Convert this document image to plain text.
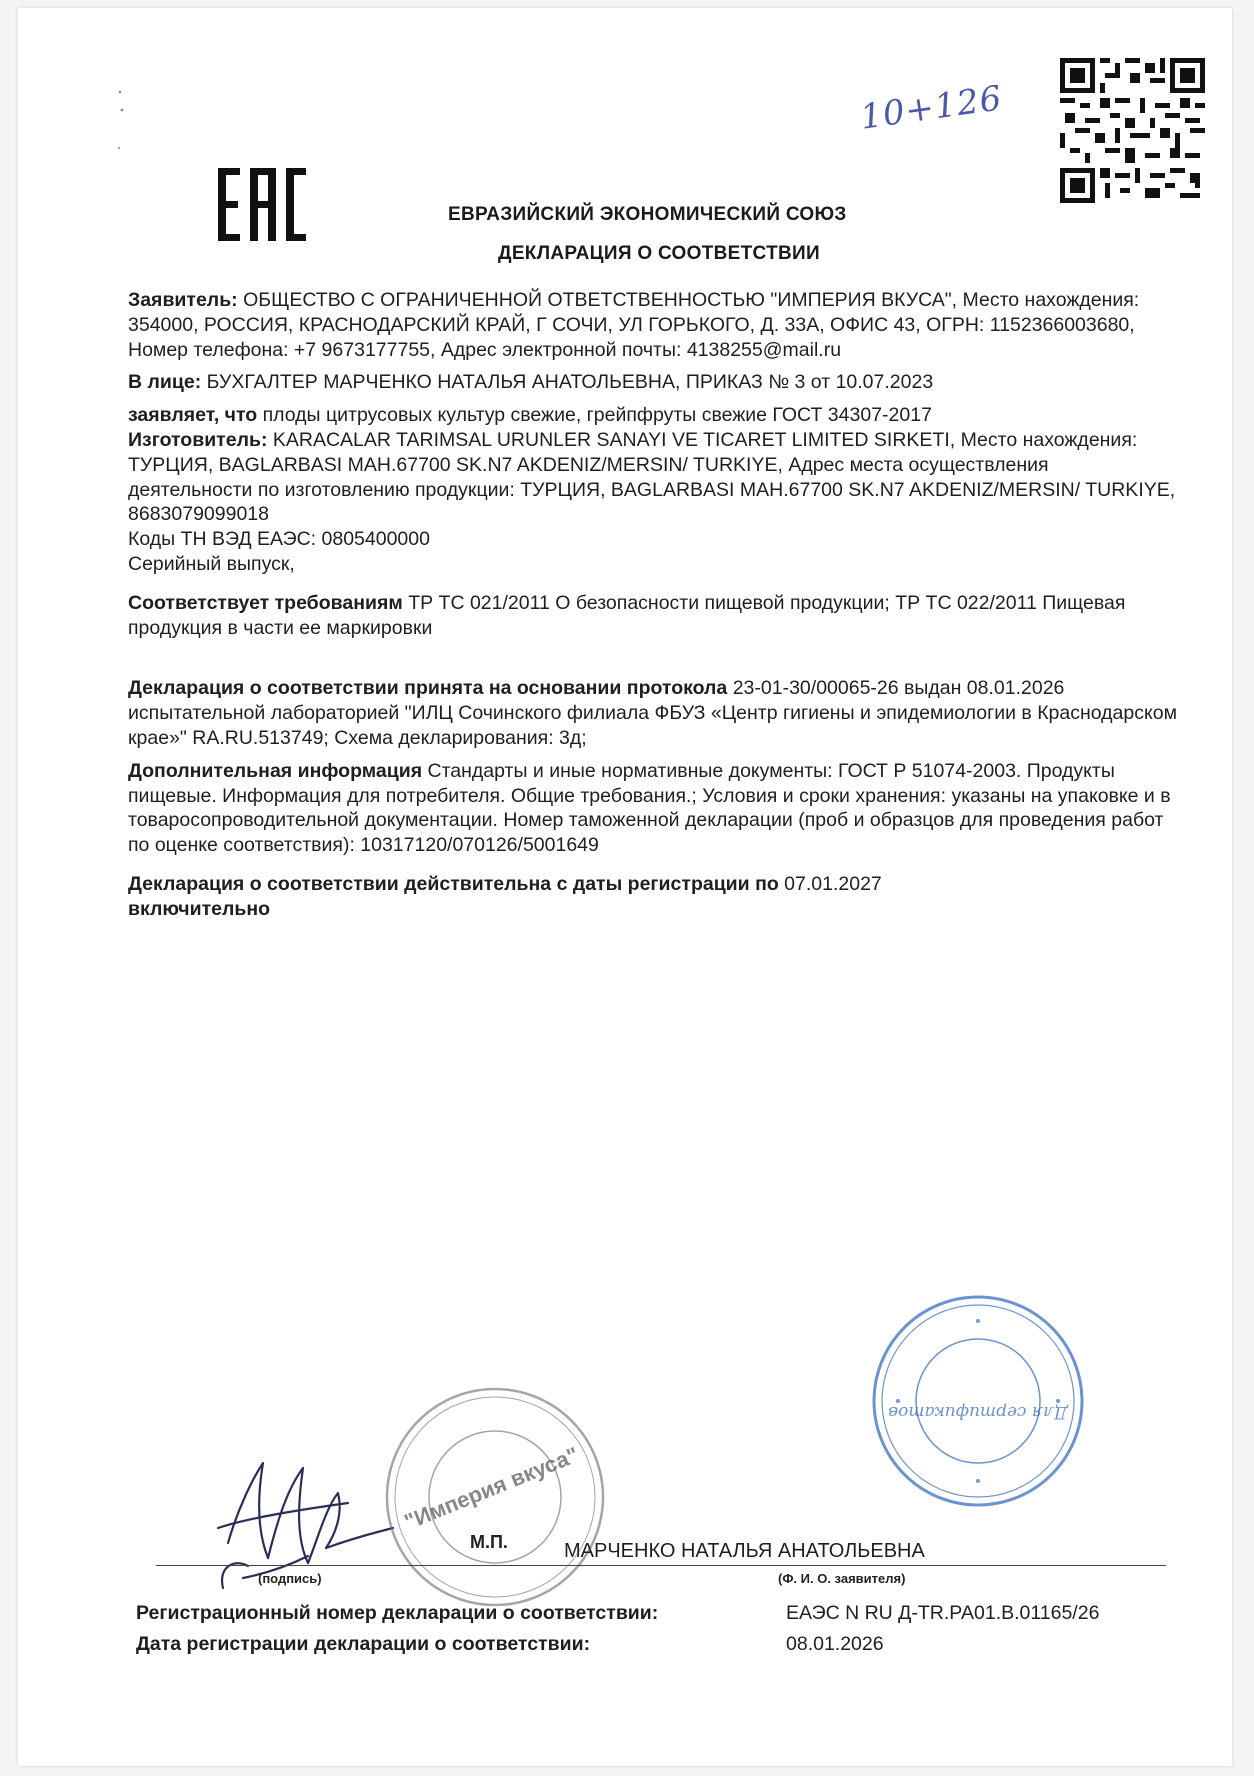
10+126
ЕВРАЗИЙСКИЙ ЭКОНОМИЧЕСКИЙ СОЮЗ
ДЕКЛАРАЦИЯ О СООТВЕТСТВИИ

Заявитель: ОБЩЕСТВО С ОГРАНИЧЕННОЙ ОТВЕТСТВЕННОСТЬЮ "ИМПЕРИЯ ВКУСА", Место нахождения: 354000, РОССИЯ, КРАСНОДАРСКИЙ КРАЙ, Г СОЧИ, УЛ ГОРЬКОГО, Д. 33А, ОФИС 43, ОГРН: 1152366003680, Номер телефона: +7 9673177755, Адрес электронной почты: 4138255@mail.ru

В лице: БУХГАЛТЕР МАРЧЕНКО НАТАЛЬЯ АНАТОЛЬЕВНА, ПРИКАЗ № 3 от 10.07.2023

заявляет, что плоды цитрусовых культур свежие, грейпфруты свежие ГОСТ 34307-2017

Изготовитель: KARACALAR TARIMSAL URUNLER SANAYI VE TICARET LIMITED SIRKETI, Место нахождения: ТУРЦИЯ, BAGLARBASI MAH.67700 SK.N7 AKDENIZ/MERSIN/ TURKIYE, Адрес места осуществления деятельности по изготовлению продукции: ТУРЦИЯ, BAGLARBASI MAH.67700 SK.N7 AKDENIZ/MERSIN/ TURKIYE, 8683079099018

Коды ТН ВЭД ЕАЭС: 0805400000

Серийный выпуск,

Соответствует требованиям ТР ТС 021/2011 О безопасности пищевой продукции; ТР ТС 022/2011 Пищевая продукция в части ее маркировки

Декларация о соответствии принята на основании протокола 23-01-30/00065-26 выдан 08.01.2026 испытательной лабораторией "ИЛЦ Сочинского филиала ФБУЗ «Центр гигиены и эпидемиологии в Краснодарском крае»" RA.RU.513749; Схема декларирования: 3д;

Дополнительная информация Стандарты и иные нормативные документы: ГОСТ Р 51074-2003. Продукты пищевые. Информация для потребителя. Общие требования.; Условия и сроки хранения: указаны на упаковке и в товаросопроводительной документации. Номер таможенной декларации (проб и образцов для проведения работ по оценке соответствия): 10317120/070126/5001649

Декларация о соответствии действительна с даты регистрации по 07.01.2027
включительно

Для сертификатов
"Империя вкуса"
М.П.	МАРЧЕНКО НАТАЛЬЯ АНАТОЛЬЕВНА
(подпись)	(Ф. И. О. заявителя)
Регистрационный номер декларации о соответствии:	ЕАЭС N RU Д-TR.РА01.В.01165/26
Дата регистрации декларации о соответствии:	08.01.2026
